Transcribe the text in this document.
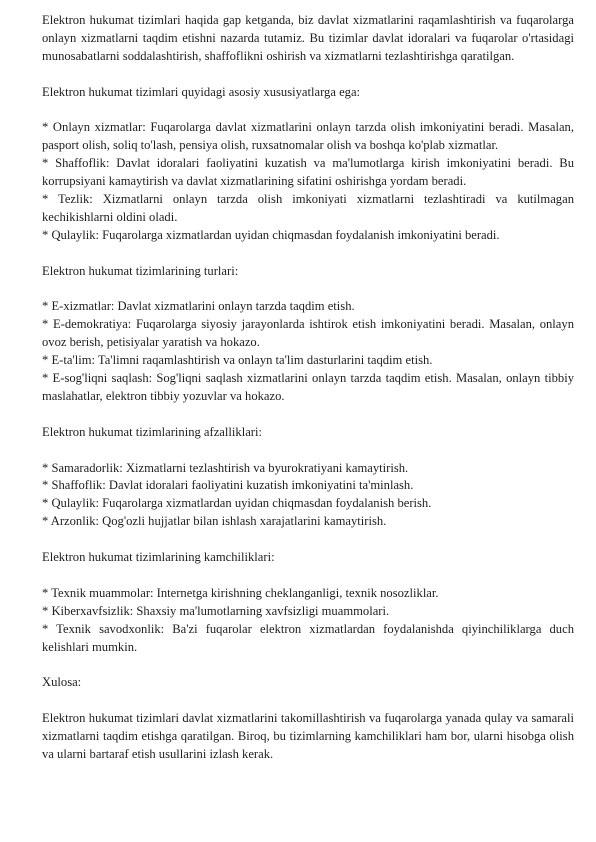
Elektron hukumat tizimlari haqida gap ketganda, biz davlat xizmatlarini raqamlashtirish va fuqarolarga onlayn xizmatlarni taqdim etishni nazarda tutamiz. Bu tizimlar davlat idoralari va fuqarolar o'rtasidagi munosabatlarni soddalashtirish, shaffoflikni oshirish va xizmatlarni tezlashtirishga qaratilgan.

Elektron hukumat tizimlari quyidagi asosiy xususiyatlarga ega:

* Onlayn xizmatlar: Fuqarolarga davlat xizmatlarini onlayn tarzda olish imkoniyatini beradi. Masalan, pasport olish, soliq to'lash, pensiya olish, ruxsatnomalar olish va boshqa ko'plab xizmatlar.
* Shaffoflik: Davlat idoralari faoliyatini kuzatish va ma'lumotlarga kirish imkoniyatini beradi. Bu korrupsiyani kamaytirish va davlat xizmatlarining sifatini oshirishga yordam beradi.
* Tezlik: Xizmatlarni onlayn tarzda olish imkoniyati xizmatlarni tezlashtiradi va kutilmagan kechikishlarni oldini oladi.
* Qulaylik: Fuqarolarga xizmatlardan uyidan chiqmasdan foydalanish imkoniyatini beradi.

Elektron hukumat tizimlarining turlari:

* E-xizmatlar: Davlat xizmatlarini onlayn tarzda taqdim etish.
* E-demokratiya: Fuqarolarga siyosiy jarayonlarda ishtirok etish imkoniyatini beradi. Masalan, onlayn ovoz berish, petisiyalar yaratish va hokazo.
* E-ta'lim: Ta'limni raqamlashtirish va onlayn ta'lim dasturlarini taqdim etish.
* E-sog'liqni saqlash: Sog'liqni saqlash xizmatlarini onlayn tarzda taqdim etish. Masalan, onlayn tibbiy maslahatlar, elektron tibbiy yozuvlar va hokazo.

Elektron hukumat tizimlarining afzalliklari:

* Samaradorlik: Xizmatlarni tezlashtirish va byurokratiyani kamaytirish.
* Shaffoflik: Davlat idoralari faoliyatini kuzatish imkoniyatini ta'minlash.
* Qulaylik: Fuqarolarga xizmatlardan uyidan chiqmasdan foydalanish berish.
* Arzonlik: Qog'ozli hujjatlar bilan ishlash xarajatlarini kamaytirish.

Elektron hukumat tizimlarining kamchiliklari:

* Texnik muammolar: Internetga kirishning cheklanganligi, texnik nosozliklar.
* Kiberxavfsizlik: Shaxsiy ma'lumotlarning xavfsizligi muammolari.
* Texnik savodxonlik: Ba'zi fuqarolar elektron xizmatlardan foydalanishda qiyinchiliklarga duch kelishlari mumkin.

Xulosa:

Elektron hukumat tizimlari davlat xizmatlarini takomillashtirish va fuqarolarga yanada qulay va samarali xizmatlarni taqdim etishga qaratilgan. Biroq, bu tizimlarning kamchiliklari ham bor, ularni hisobga olish va ularni bartaraf etish usullarini izlash kerak.
